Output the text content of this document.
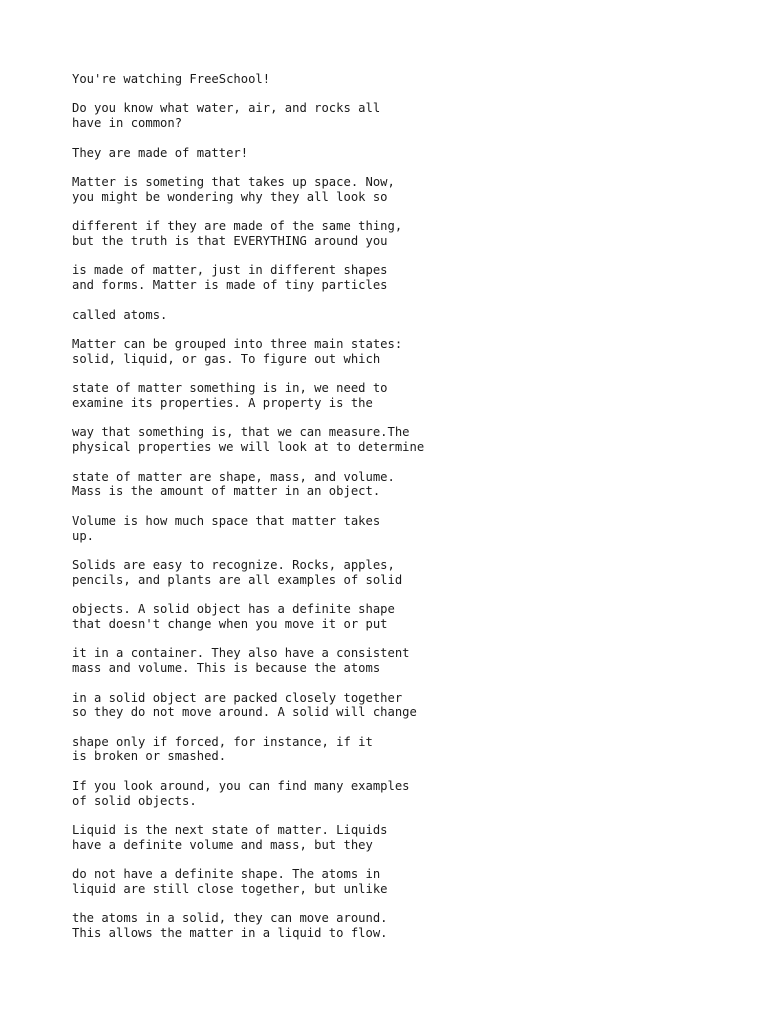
You're watching FreeSchool!
Do you know what water, air, and rocks all
have in common?
They are made of matter!
Matter is someting that takes up space. Now,
you might be wondering why they all look so
different if they are made of the same thing,
but the truth is that EVERYTHING around you
is made of matter, just in different shapes
and forms. Matter is made of tiny particles
called atoms.
Matter can be grouped into three main states:
solid, liquid, or gas. To figure out which
state of matter something is in, we need to
examine its properties. A property is the
way that something is, that we can measure.The
physical properties we will look at to determine
state of matter are shape, mass, and volume.
Mass is the amount of matter in an object.
Volume is how much space that matter takes
up.
Solids are easy to recognize. Rocks, apples,
pencils, and plants are all examples of solid
objects. A solid object has a definite shape
that doesn't change when you move it or put
it in a container. They also have a consistent
mass and volume. This is because the atoms
in a solid object are packed closely together
so they do not move around. A solid will change
shape only if forced, for instance, if it
is broken or smashed.
If you look around, you can find many examples
of solid objects.
Liquid is the next state of matter. Liquids
have a definite volume and mass, but they
do not have a definite shape. The atoms in
liquid are still close together, but unlike
the atoms in a solid, they can move around.
This allows the matter in a liquid to flow.
